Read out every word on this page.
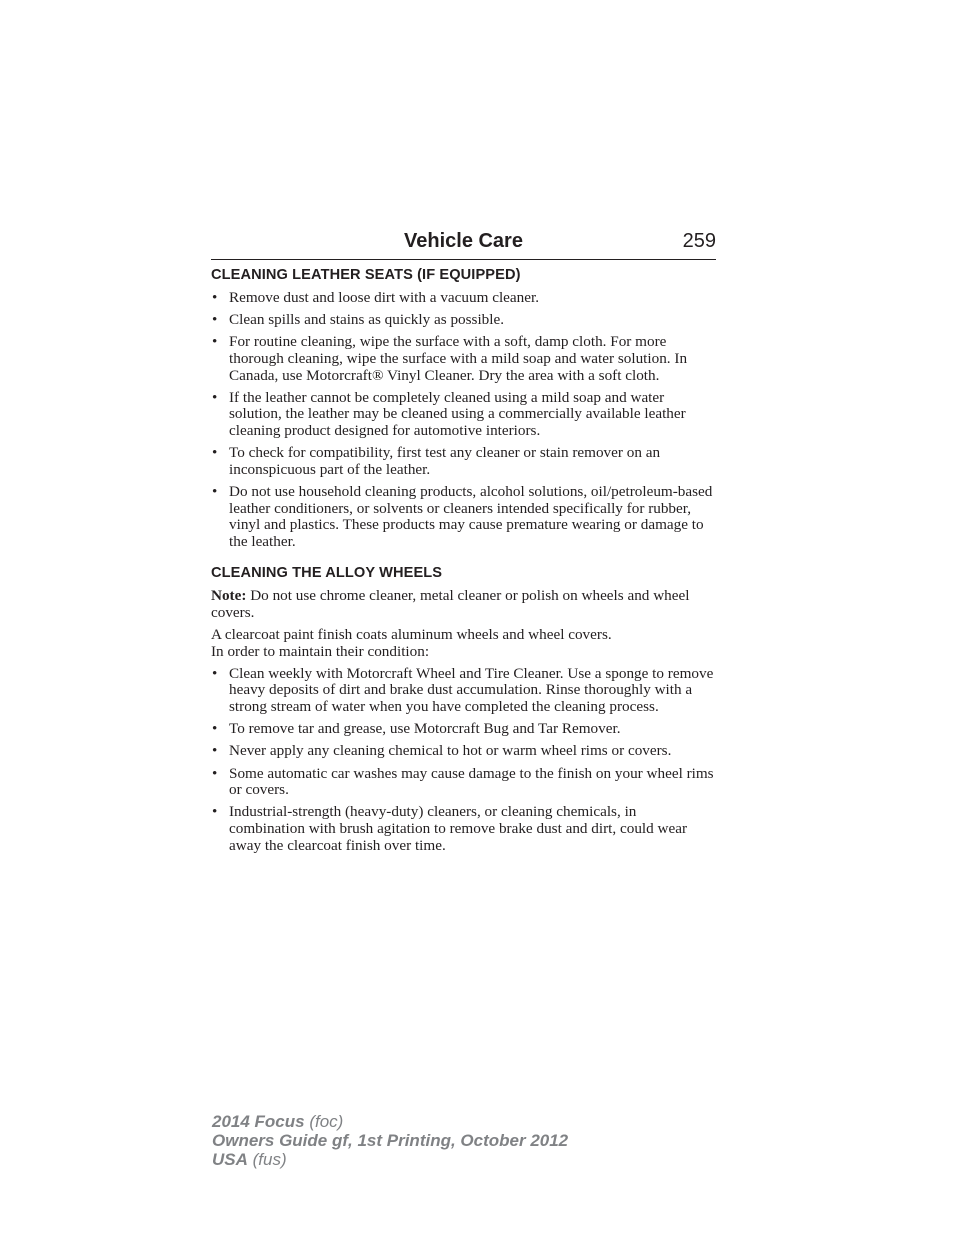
Vehicle Care	259
CLEANING LEATHER SEATS (IF EQUIPPED)
• Remove dust and loose dirt with a vacuum cleaner.
• Clean spills and stains as quickly as possible.
• For routine cleaning, wipe the surface with a soft, damp cloth. For more thorough cleaning, wipe the surface with a mild soap and water solution. In Canada, use Motorcraft® Vinyl Cleaner. Dry the area with a soft cloth.
• If the leather cannot be completely cleaned using a mild soap and water solution, the leather may be cleaned using a commercially available leather cleaning product designed for automotive interiors.
• To check for compatibility, first test any cleaner or stain remover on an inconspicuous part of the leather.
• Do not use household cleaning products, alcohol solutions, oil/petroleum-based leather conditioners, or solvents or cleaners intended specifically for rubber, vinyl and plastics. These products may cause premature wearing or damage to the leather.
CLEANING THE ALLOY WHEELS

Note: Do not use chrome cleaner, metal cleaner or polish on wheels and wheel covers.

A clearcoat paint finish coats aluminum wheels and wheel covers.
In order to maintain their condition:

• Clean weekly with Motorcraft Wheel and Tire Cleaner. Use a sponge to remove heavy deposits of dirt and brake dust accumulation. Rinse thoroughly with a strong stream of water when you have completed the cleaning process.
• To remove tar and grease, use Motorcraft Bug and Tar Remover.
• Never apply any cleaning chemical to hot or warm wheel rims or covers.
• Some automatic car washes may cause damage to the finish on your wheel rims or covers.
• Industrial-strength (heavy-duty) cleaners, or cleaning chemicals, in combination with brush agitation to remove brake dust and dirt, could wear away the clearcoat finish over time.
2014 Focus (foc)
Owners Guide gf, 1st Printing, October 2012
USA (fus)
